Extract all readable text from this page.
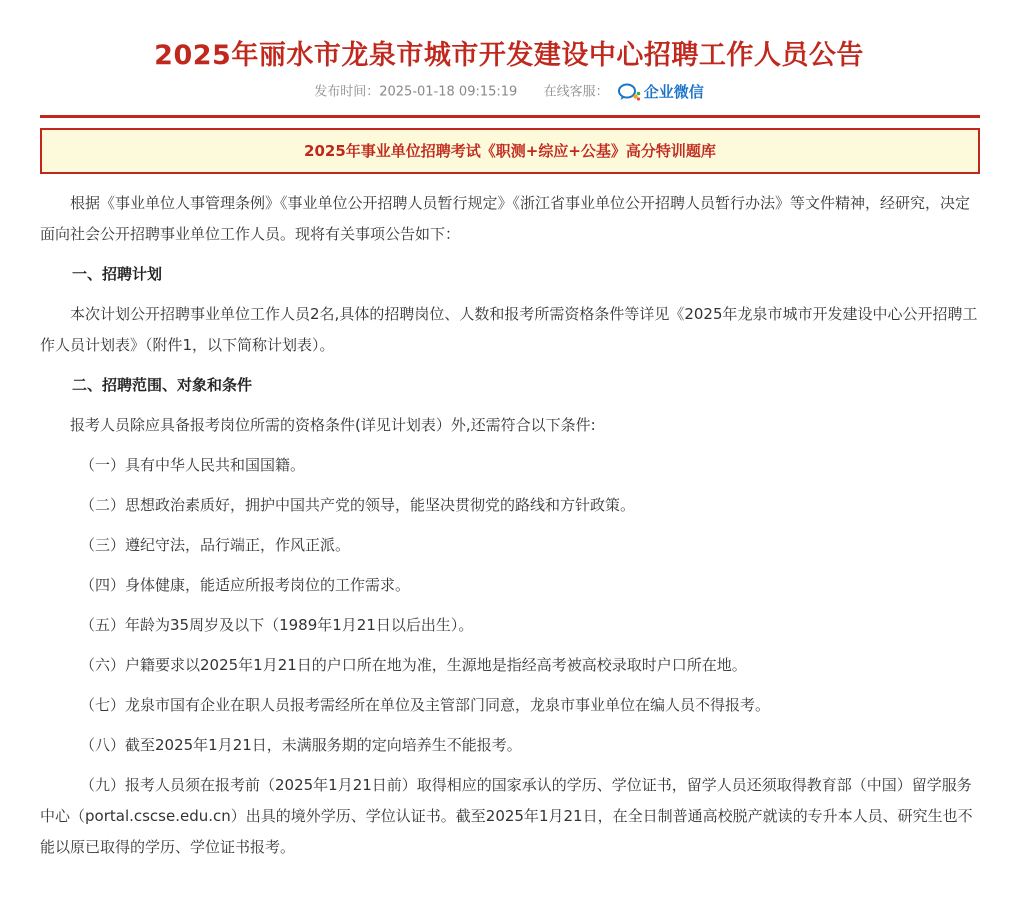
2025年丽水市龙泉市城市开发建设中心招聘工作人员公告
发布时间：2025-01-18 09:15:19 在线客服： 企业微信
2025年事业单位招聘考试《职测+综应+公基》高分特训题库

根据《事业单位人事管理条例》《事业单位公开招聘人员暂行规定》《浙江省事业单位公开招聘人员暂行办法》等文件精神，经研究，决定面向社会公开招聘事业单位工作人员。现将有关事项公告如下：

一、招聘计划

本次计划公开招聘事业单位工作人员2名,具体的招聘岗位、人数和报考所需资格条件等详见《2025年龙泉市城市开发建设中心公开招聘工作人员计划表》（附件1，以下简称计划表）。

二、招聘范围、对象和条件

报考人员除应具备报考岗位所需的资格条件(详见计划表）外,还需符合以下条件:

（一）具有中华人民共和国国籍。

（二）思想政治素质好，拥护中国共产党的领导，能坚决贯彻党的路线和方针政策。

（三）遵纪守法，品行端正，作风正派。

（四）身体健康，能适应所报考岗位的工作需求。

（五）年龄为35周岁及以下（1989年1月21日以后出生）。

（六）户籍要求以2025年1月21日的户口所在地为准，生源地是指经高考被高校录取时户口所在地。

（七）龙泉市国有企业在职人员报考需经所在单位及主管部门同意，龙泉市事业单位在编人员不得报考。

（八）截至2025年1月21日，未满服务期的定向培养生不能报考。

（九）报考人员须在报考前（2025年1月21日前）取得相应的国家承认的学历、学位证书，留学人员还须取得教育部（中国）留学服务中心（portal.cscse.edu.cn）出具的境外学历、学位认证书。截至2025年1月21日，在全日制普通高校脱产就读的专升本人员、研究生也不能以原已取得的学历、学位证书报考。
